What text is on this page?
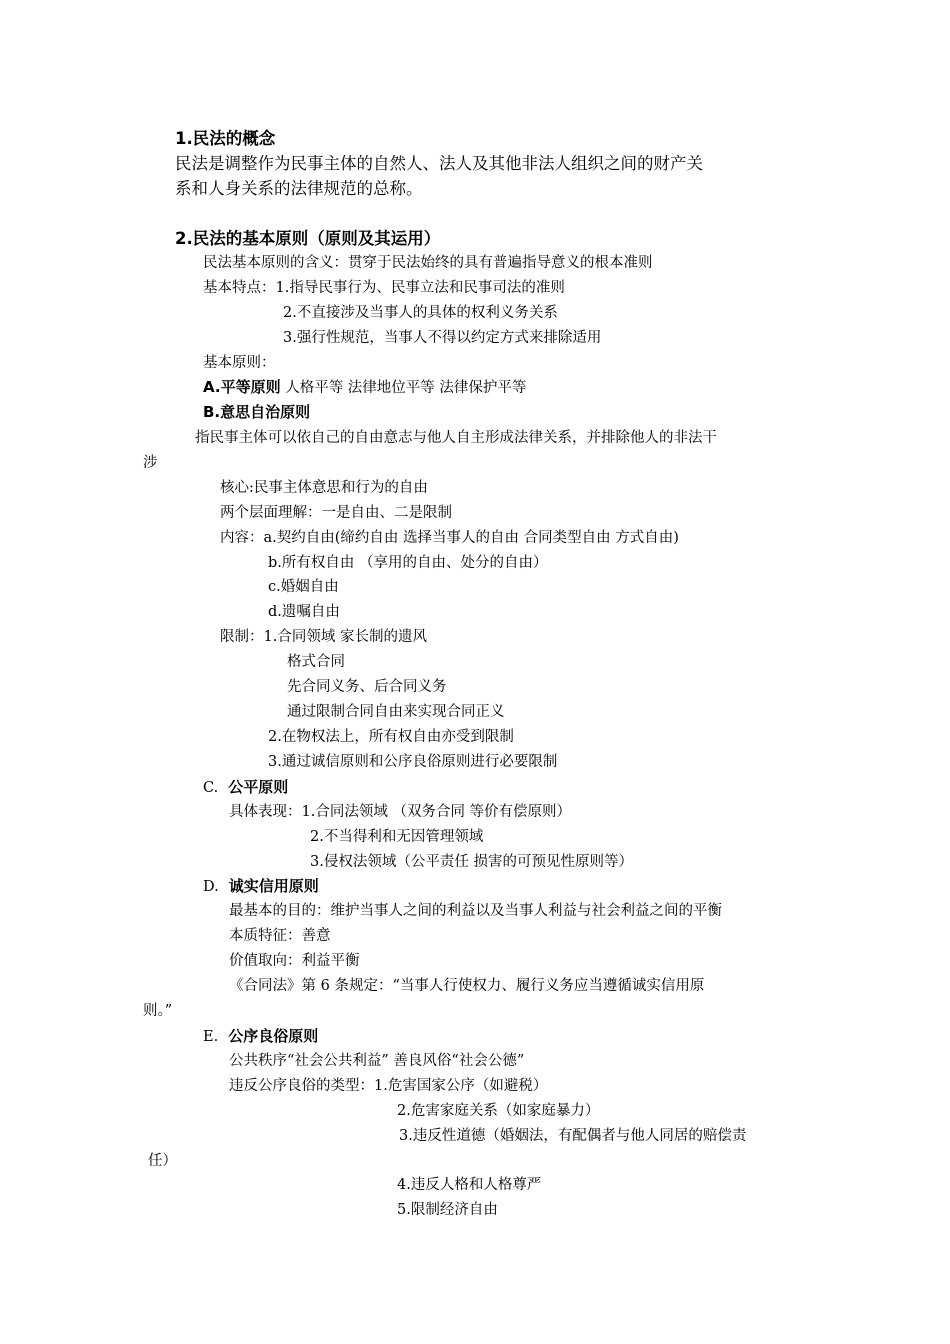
1.民法的概念
民法是调整作为民事主体的自然人、法人及其他非法人组织之间的财产关
系和人身关系的法律规范的总称。
2.民法的基本原则（原则及其运用）
民法基本原则的含义：贯穿于民法始终的具有普遍指导意义的根本准则
基本特点：1.指导民事行为、民事立法和民事司法的准则
2.不直接涉及当事人的具体的权利义务关系
3.强行性规范，当事人不得以约定方式来排除适用
基本原则：
A.平等原则 人格平等 法律地位平等 法律保护平等
B.意思自治原则
指民事主体可以依自己的自由意志与他人自主形成法律关系，并排除他人的非法干
涉
核心:民事主体意思和行为的自由
两个层面理解：一是自由、二是限制
内容：a.契约自由(缔约自由 选择当事人的自由 合同类型自由 方式自由)
b.所有权自由 （享用的自由、处分的自由）
c.婚姻自由
d.遗嘱自由
限制：1.合同领域 家长制的遗风
格式合同
先合同义务、后合同义务
通过限制合同自由来实现合同正义
2.在物权法上，所有权自由亦受到限制
3.通过诚信原则和公序良俗原则进行必要限制
C. 公平原则
具体表现：1.合同法领域 （双务合同 等价有偿原则）
2.不当得利和无因管理领域
3.侵权法领域（公平责任 损害的可预见性原则等）
D. 诚实信用原则
最基本的目的：维护当事人之间的利益以及当事人利益与社会利益之间的平衡
本质特征：善意
价值取向：利益平衡
《合同法》第 6 条规定：“当事人行使权力、履行义务应当遵循诚实信用原
则。”
E. 公序良俗原则
公共秩序“社会公共利益” 善良风俗“社会公德”
违反公序良俗的类型：1.危害国家公序（如避税）
2.危害家庭关系（如家庭暴力）
3.违反性道德（婚姻法，有配偶者与他人同居的赔偿责
任）
4.违反人格和人格尊严
5.限制经济自由
